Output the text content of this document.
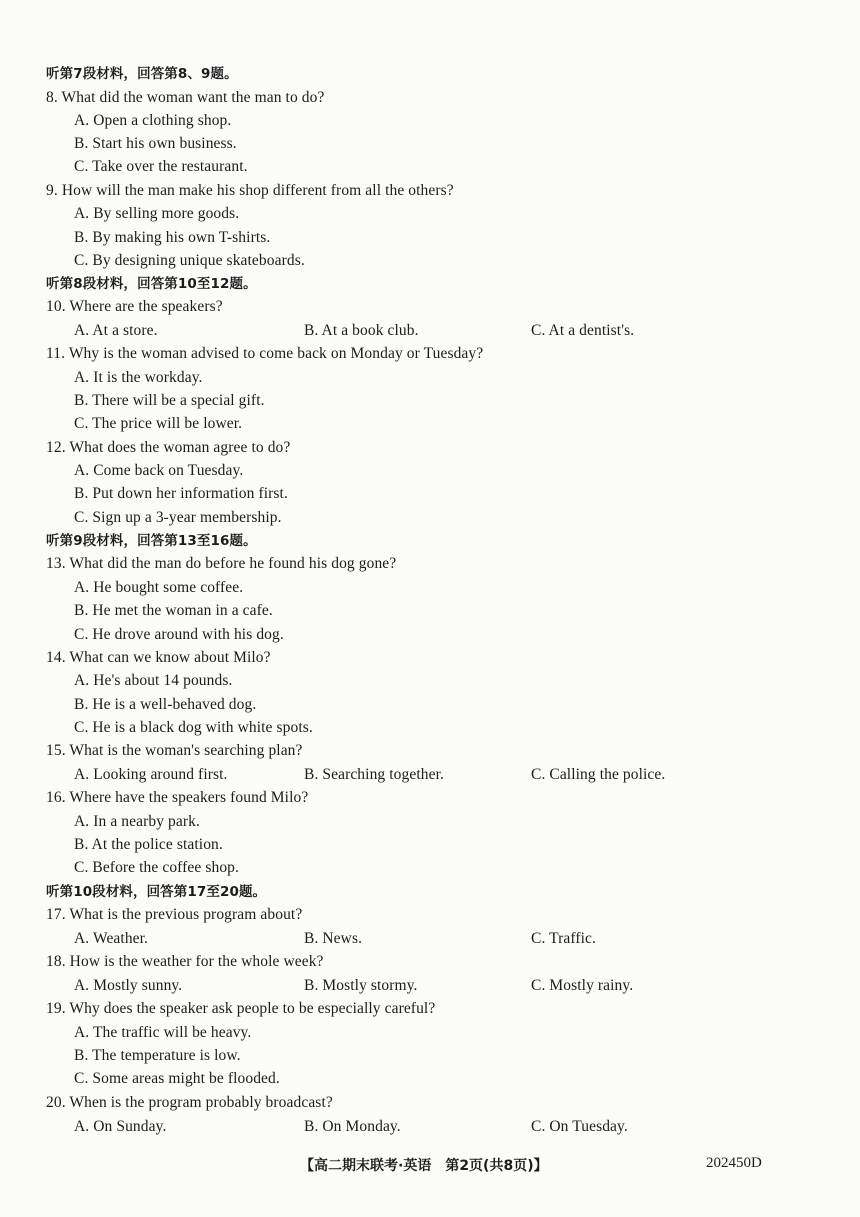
听第7段材料，回答第8、9题。
8. What did the woman want the man to do?
A. Open a clothing shop.
B. Start his own business.
C. Take over the restaurant.
9. How will the man make his shop different from all the others?
A. By selling more goods.
B. By making his own T-shirts.
C. By designing unique skateboards.
听第8段材料，回答第10至12题。
10. Where are the speakers?
A. At a store.	B. At a book club.	C. At a dentist's.
11. Why is the woman advised to come back on Monday or Tuesday?
A. It is the workday.
B. There will be a special gift.
C. The price will be lower.
12. What does the woman agree to do?
A. Come back on Tuesday.
B. Put down her information first.
C. Sign up a 3-year membership.
听第9段材料，回答第13至16题。
13. What did the man do before he found his dog gone?
A. He bought some coffee.
B. He met the woman in a cafe.
C. He drove around with his dog.
14. What can we know about Milo?
A. He's about 14 pounds.
B. He is a well-behaved dog.
C. He is a black dog with white spots.
15. What is the woman's searching plan?
A. Looking around first.	B. Searching together.	C. Calling the police.
16. Where have the speakers found Milo?
A. In a nearby park.
B. At the police station.
C. Before the coffee shop.
听第10段材料，回答第17至20题。
17. What is the previous program about?
A. Weather.	B. News.	C. Traffic.
18. How is the weather for the whole week?
A. Mostly sunny.	B. Mostly stormy.	C. Mostly rainy.
19. Why does the speaker ask people to be especially careful?
A. The traffic will be heavy.
B. The temperature is low.
C. Some areas might be flooded.
20. When is the program probably broadcast?
A. On Sunday.	B. On Monday.	C. On Tuesday.
【高二期末联考·英语　第2页(共8页)】	202450D
